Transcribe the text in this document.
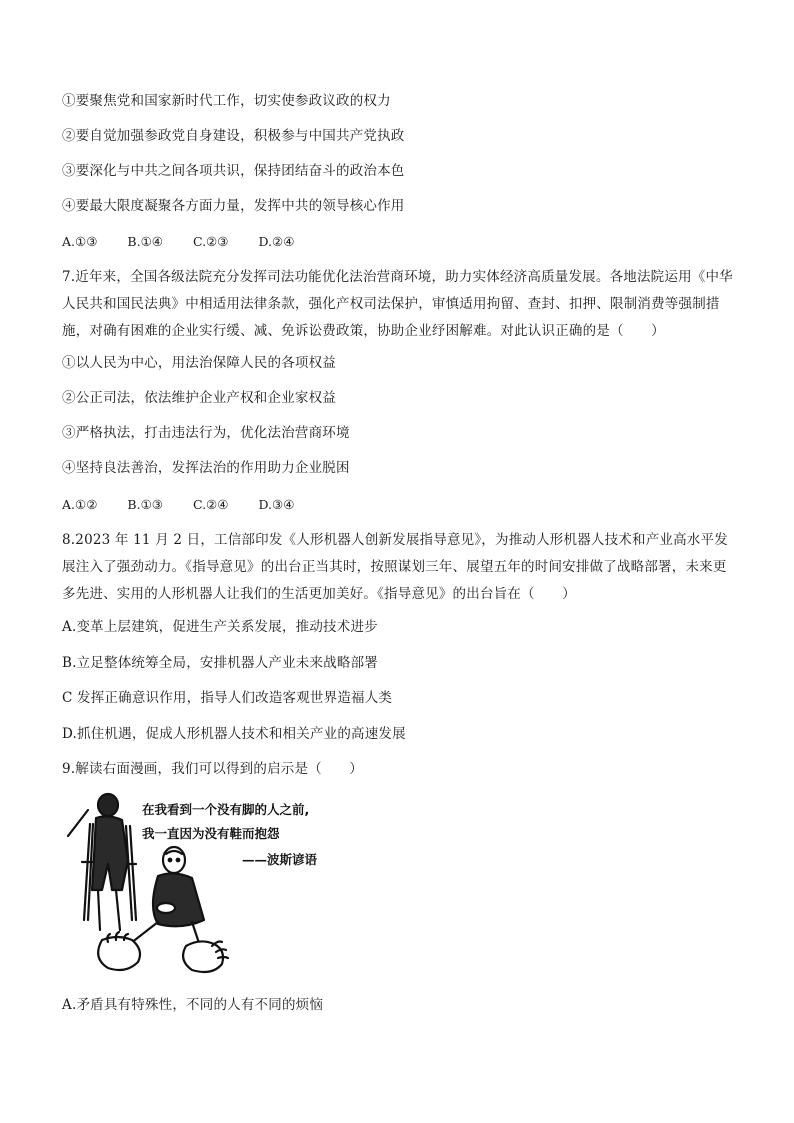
①要聚焦党和国家新时代工作，切实使参政议政的权力
②要自觉加强参政党自身建设，积极参与中国共产党执政
③要深化与中共之间各项共识，保持团结奋斗的政治本色
④要最大限度凝聚各方面力量，发挥中共的领导核心作用
A.①③ B.①④ C.②③ D.②④
7.近年来，全国各级法院充分发挥司法功能优化法治营商环境，助力实体经济高质量发展。各地法院运用《中华人民共和国民法典》中相适用法律条款，强化产权司法保护，审慎适用拘留、查封、扣押、限制消费等强制措施，对确有困难的企业实行缓、减、免诉讼费政策，协助企业纾困解难。对此认识正确的是（　　）
①以人民为中心，用法治保障人民的各项权益
②公正司法，依法维护企业产权和企业家权益
③严格执法，打击违法行为，优化法治营商环境
④坚持良法善治，发挥法治的作用助力企业脱困
A.①② B.①③ C.②④ D.③④
8.2023 年 11 月 2 日，工信部印发《人形机器人创新发展指导意见》，为推动人形机器人技术和产业高水平发展注入了强劲动力。《指导意见》的出台正当其时，按照谋划三年、展望五年的时间安排做了战略部署，未来更多先进、实用的人形机器人让我们的生活更加美好。《指导意见》的出台旨在（　　）
A.变革上层建筑，促进生产关系发展，推动技术进步
B.立足整体统筹全局，安排机器人产业未来战略部署
C 发挥正确意识作用，指导人们改造客观世界造福人类
D.抓住机遇，促成人形机器人技术和相关产业的高速发展
9.解读右面漫画，我们可以得到的启示是（　　）
在我看到一个没有脚的人之前,
我一直因为没有鞋而抱怨
——波斯谚语
A.矛盾具有特殊性，不同的人有不同的烦恼
